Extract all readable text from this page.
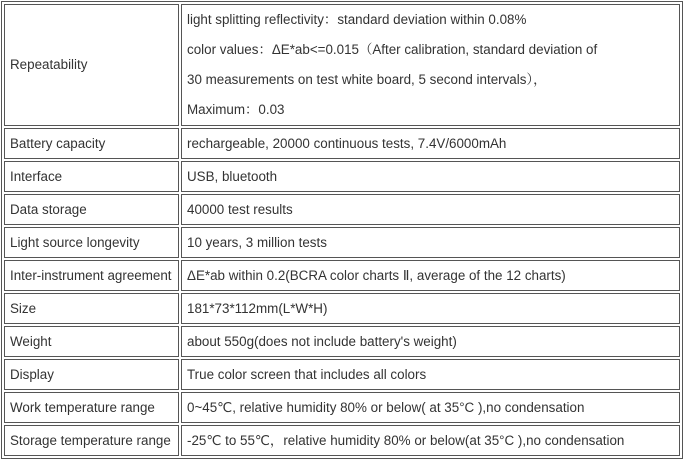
Repeatability	light splitting reflectivity：standard deviation within 0.08%
color values：ΔE*ab<=0.015（After calibration, standard deviation of
30 measurements on test white board, 5 second intervals），
Maximum：0.03

Battery capacity	rechargeable, 20000 continuous tests, 7.4V/6000mAh
Interface	USB, bluetooth
Data storage	40000 test results
Light source longevity	10 years, 3 million tests
Inter-instrument agreement	ΔE*ab within 0.2(BCRA color charts Ⅱ, average of the 12 charts)
Size	181*73*112mm(L*W*H)
Weight	about 550g(does not include battery's weight)
Display	True color screen that includes all colors
Work temperature range	0~45℃, relative humidity 80% or below( at 35°C ),no condensation
Storage temperature range	-25℃ to 55℃，relative humidity 80% or below(at 35°C ),no condensation
